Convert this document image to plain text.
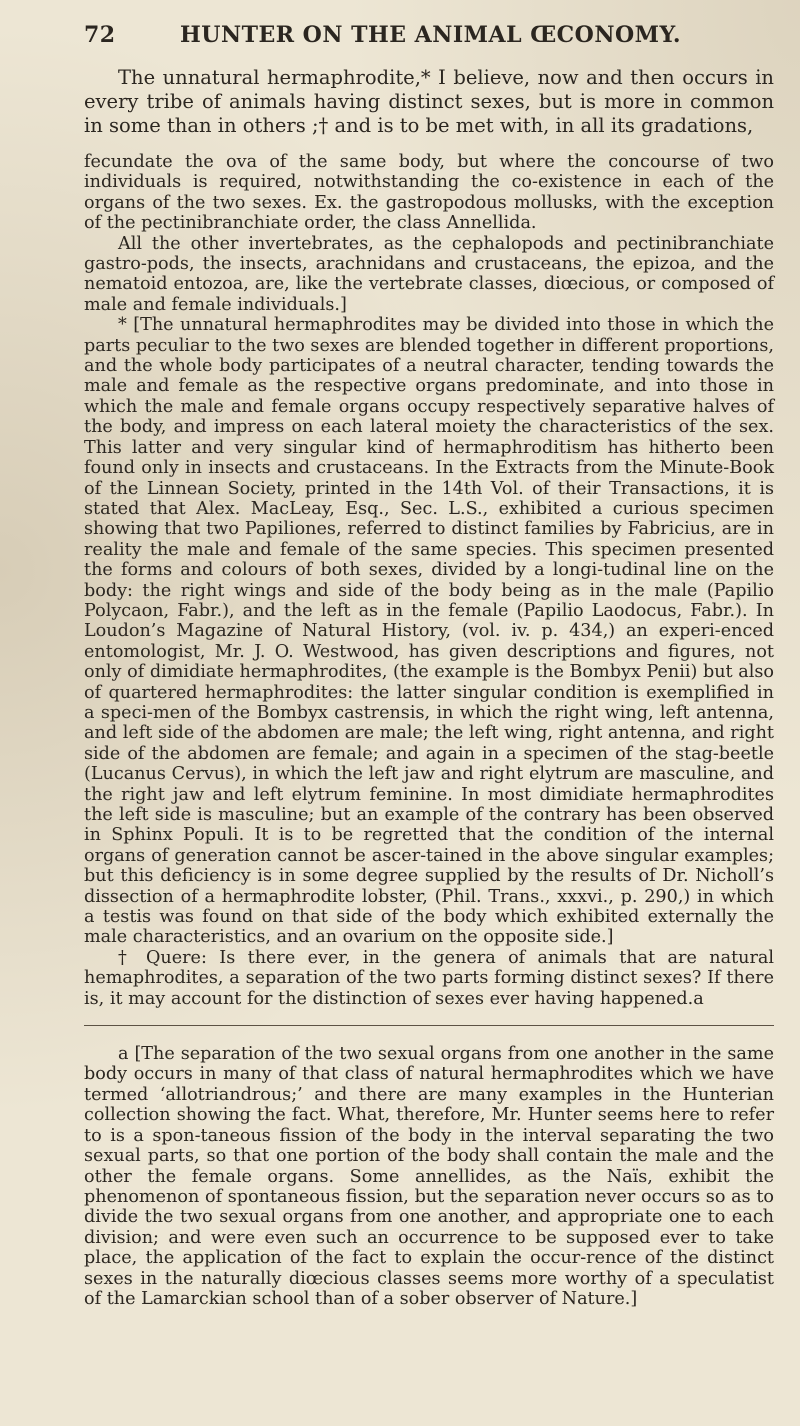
72	HUNTER ON THE ANIMAL ŒCONOMY.

The unnatural hermaphrodite,* I believe, now and then occurs in every tribe of animals having distinct sexes, but is more in common in some than in others ;† and is to be met with, in all its gradations,

fecundate the ova of the same body, but where the concourse of two individuals is required, notwithstanding the co-existence in each of the organs of the two sexes. Ex. the gastropodous mollusks, with the exception of the pectinibranchiate order, the class Annellida.

All the other invertebrates, as the cephalopods and pectinibranchiate gastro-pods, the insects, arachnidans and crustaceans, the epizoa, and the nematoid entozoa, are, like the vertebrate classes, diœcious, or composed of male and female individuals.]

* [The unnatural hermaphrodites may be divided into those in which the parts peculiar to the two sexes are blended together in different proportions, and the whole body participates of a neutral character, tending towards the male and female as the respective organs predominate, and into those in which the male and female organs occupy respectively separative halves of the body, and impress on each lateral moiety the characteristics of the sex. This latter and very singular kind of hermaphroditism has hitherto been found only in insects and crustaceans. In the Extracts from the Minute-Book of the Linnean Society, printed in the 14th Vol. of their Transactions, it is stated that Alex. MacLeay, Esq., Sec. L.S., exhibited a curious specimen showing that two Papiliones, referred to distinct families by Fabricius, are in reality the male and female of the same species. This specimen presented the forms and colours of both sexes, divided by a longi-tudinal line on the body: the right wings and side of the body being as in the male (Papilio Polycaon, Fabr.), and the left as in the female (Papilio Laodocus, Fabr.). In Loudon’s Magazine of Natural History, (vol. iv. p. 434,) an experi-enced entomologist, Mr. J. O. Westwood, has given descriptions and figures, not only of dimidiate hermaphrodites, (the example is the Bombyx Penii) but also of quartered hermaphrodites: the latter singular condition is exemplified in a speci-men of the Bombyx castrensis, in which the right wing, left antenna, and left side of the abdomen are male; the left wing, right antenna, and right side of the abdomen are female; and again in a specimen of the stag-beetle (Lucanus Cervus), in which the left jaw and right elytrum are masculine, and the right jaw and left elytrum feminine. In most dimidiate hermaphrodites the left side is masculine; but an example of the contrary has been observed in Sphinx Populi. It is to be regretted that the condition of the internal organs of generation cannot be ascer-tained in the above singular examples; but this deficiency is in some degree supplied by the results of Dr. Nicholl’s dissection of a hermaphrodite lobster, (Phil. Trans., xxxvi., p. 290,) in which a testis was found on that side of the body which exhibited externally the male characteristics, and an ovarium on the opposite side.]

† Quere: Is there ever, in the genera of animals that are natural hemaphrodites, a separation of the two parts forming distinct sexes? If there is, it may account for the distinction of sexes ever having happened.a

a [The separation of the two sexual organs from one another in the same body occurs in many of that class of natural hermaphrodites which we have termed ‘allotriandrous;’ and there are many examples in the Hunterian collection showing the fact. What, therefore, Mr. Hunter seems here to refer to is a spon-taneous fission of the body in the interval separating the two sexual parts, so that one portion of the body shall contain the male and the other the female organs. Some annellides, as the Naïs, exhibit the phenomenon of spontaneous fission, but the separation never occurs so as to divide the two sexual organs from one another, and appropriate one to each division; and were even such an occurrence to be supposed ever to take place, the application of the fact to explain the occur-rence of the distinct sexes in the naturally diœcious classes seems more worthy of a speculatist of the Lamarckian school than of a sober observer of Nature.]
